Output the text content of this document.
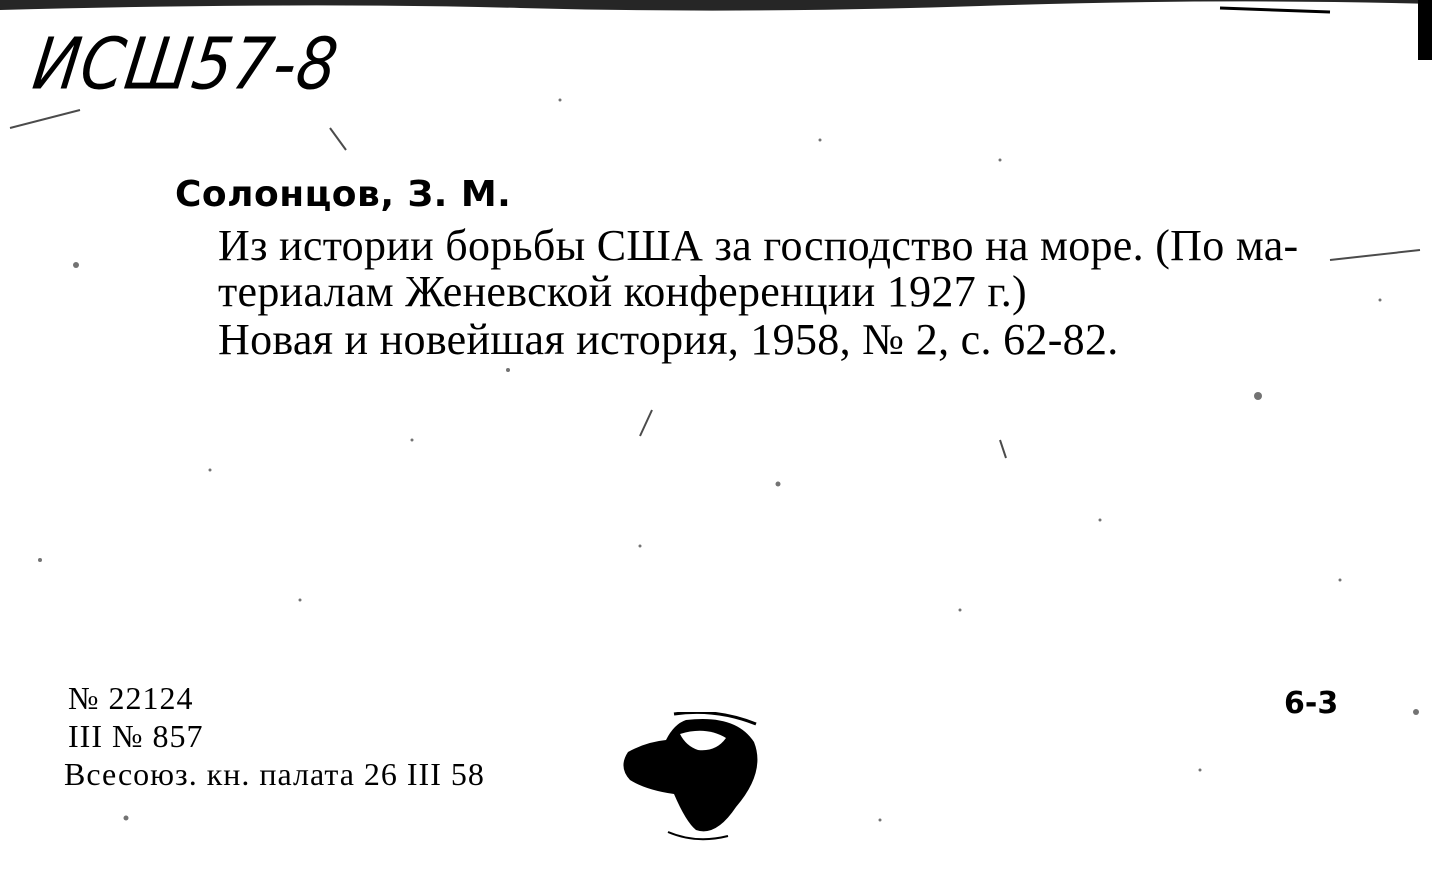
ИСШ57-8
Солонцов, З. М.
Из истории борьбы США за господство на море. (По ма-
териалам Женевской конференции 1927 г.)
Новая и новейшая история, 1958, № 2, с. 62-82.
№ 22124
III № 857
Всесоюз. кн. палата 26 III 58
6-3
